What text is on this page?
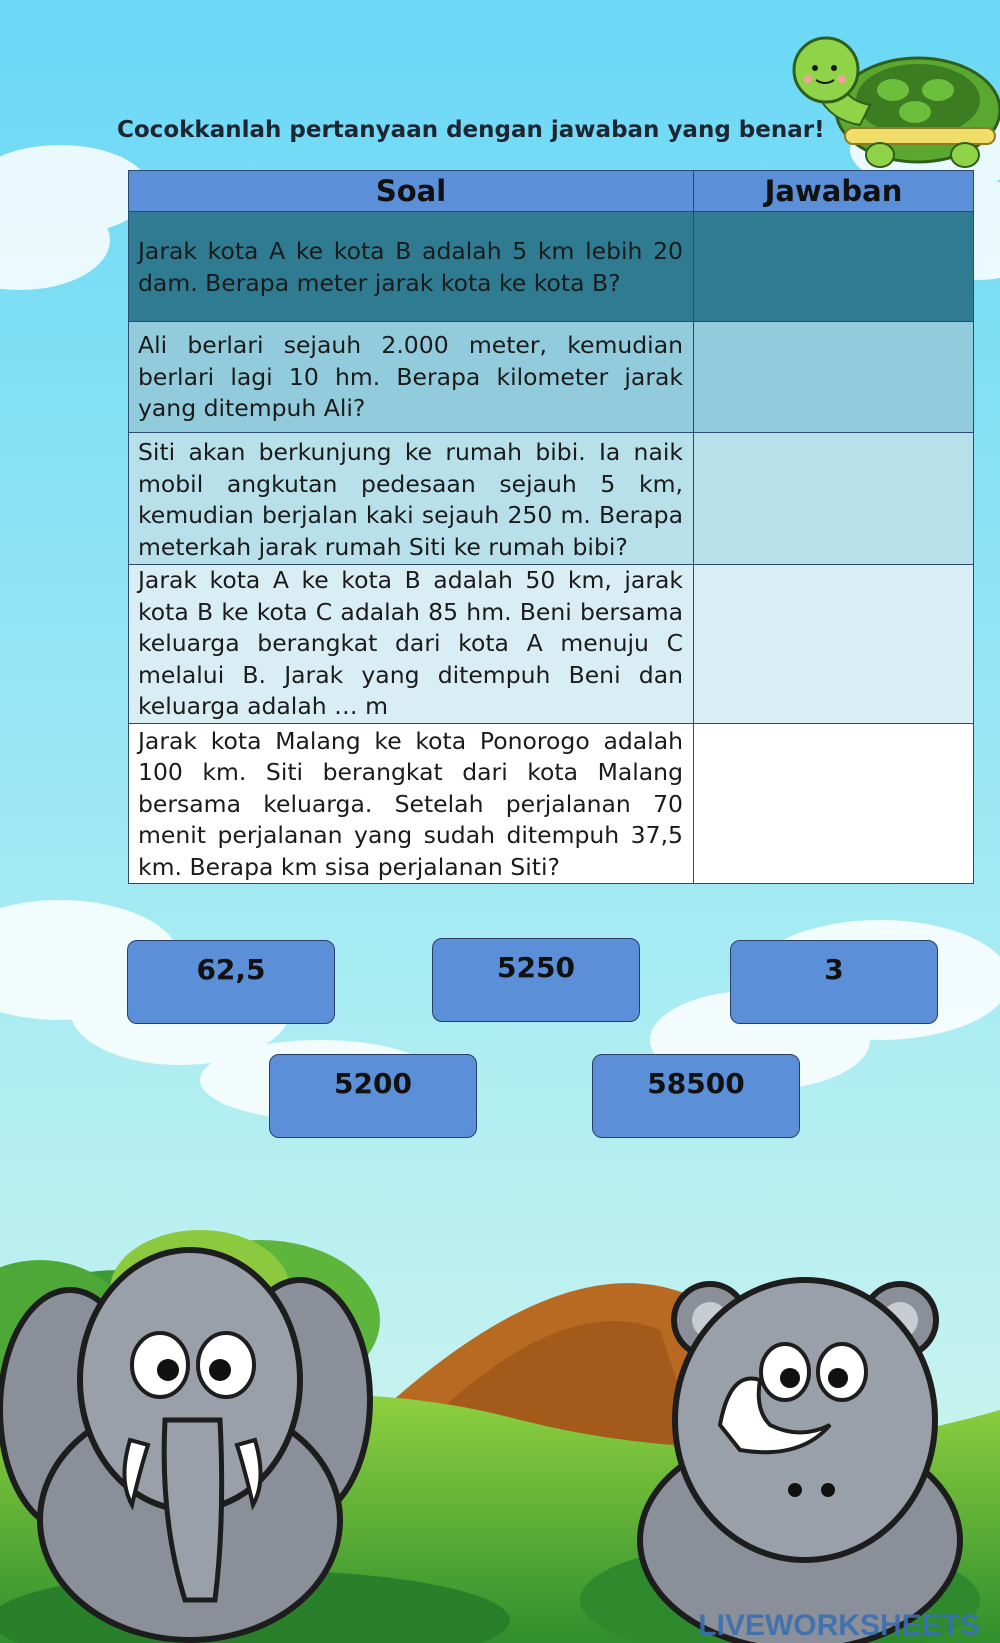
Cocokkanlah pertanyaan dengan jawaban yang benar!

Soal	Jawaban

Jarak kota A ke kota B adalah 5 km lebih 20 dam. Berapa meter jarak kota ke kota B?	

Ali berlari sejauh 2.000 meter, kemudian berlari lagi 10 hm. Berapa kilometer jarak yang ditempuh Ali?	

Siti akan berkunjung ke rumah bibi. Ia naik mobil angkutan pedesaan sejauh 5 km, kemudian berjalan kaki sejauh 250 m. Berapa meterkah jarak rumah Siti ke rumah bibi?	

Jarak kota A ke kota B adalah 50 km, jarak kota B ke kota C adalah 85 hm. Beni bersama keluarga berangkat dari kota A menuju C melalui B. Jarak yang ditempuh Beni dan keluarga adalah … m	

Jarak kota Malang ke kota Ponorogo adalah 100 km. Siti berangkat dari kota Malang bersama keluarga. Setelah perjalanan 70 menit perjalanan yang sudah ditempuh 37,5 km. Berapa km sisa perjalanan Siti?	

62,5	5250	3
5200	58500
LIVEWORKSHEETS
